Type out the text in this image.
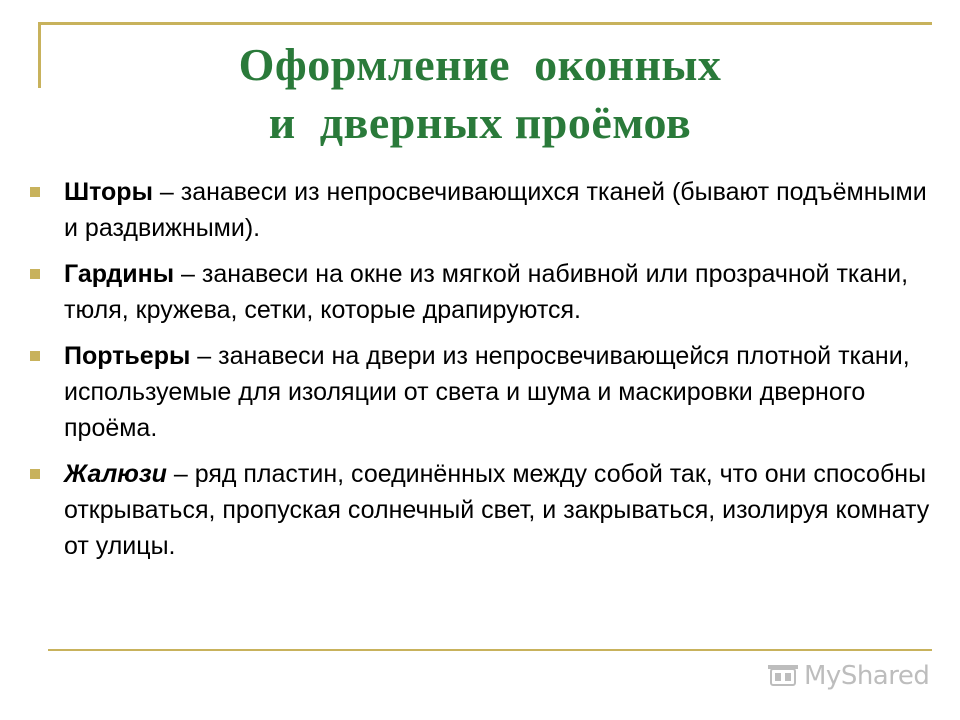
Оформление  оконных
и  дверных проёмов
Шторы – занавеси из непросвечивающихся тканей (бывают подъёмными и раздвижными).
Гардины – занавеси на окне из мягкой набивной или прозрачной ткани, тюля, кружева, сетки, которые драпируются.
Портьеры – занавеси на двери из непросвечивающейся плотной ткани, используемые для изоляции от света и шума и маскировки дверного проёма.
Жалюзи – ряд пластин, соединённых между собой так, что они способны открываться, пропуская солнечный свет, и закрываться, изолируя комнату от улицы.
MyShared
